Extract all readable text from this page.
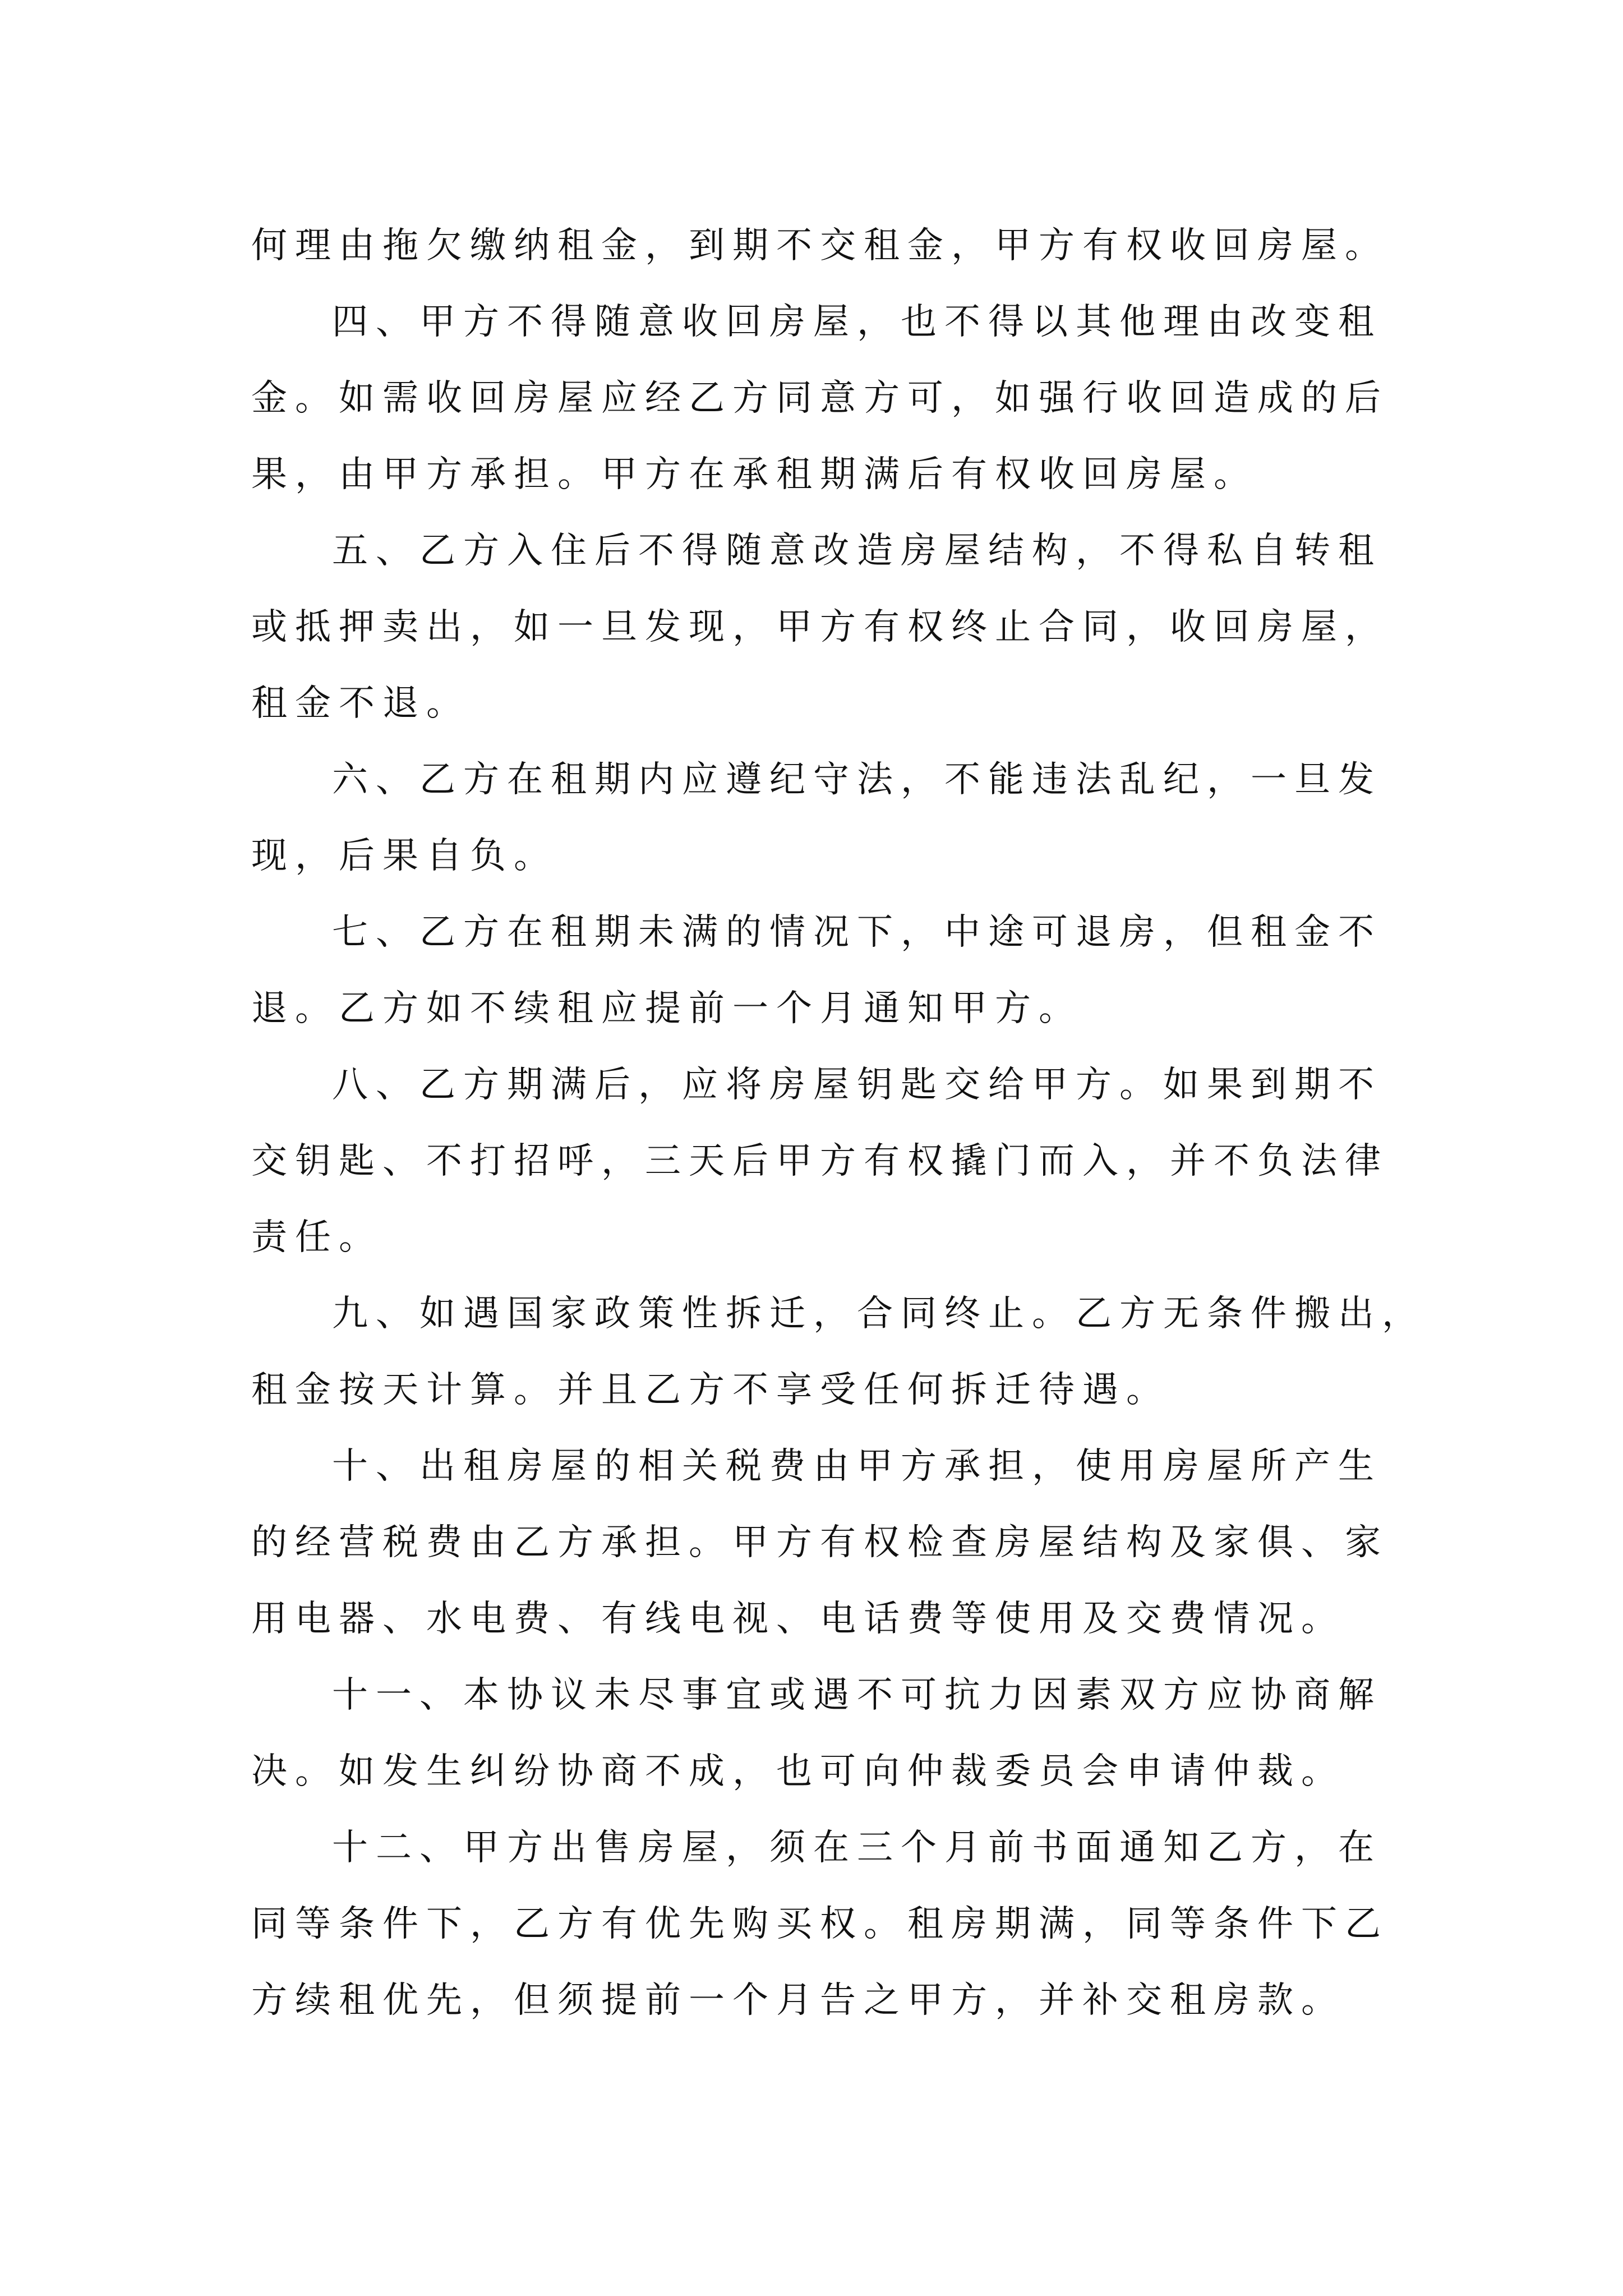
何理由拖欠缴纳租金，到期不交租金，甲方有权收回房屋。
四、甲方不得随意收回房屋，也不得以其他理由改变租
金。如需收回房屋应经乙方同意方可，如强行收回造成的后
果，由甲方承担。甲方在承租期满后有权收回房屋。
五、乙方入住后不得随意改造房屋结构，不得私自转租
或抵押卖出，如一旦发现，甲方有权终止合同，收回房屋，
租金不退。
六、乙方在租期内应遵纪守法，不能违法乱纪，一旦发
现，后果自负。
七、乙方在租期未满的情况下，中途可退房，但租金不
退。乙方如不续租应提前一个月通知甲方。
八、乙方期满后，应将房屋钥匙交给甲方。如果到期不
交钥匙、不打招呼，三天后甲方有权撬门而入，并不负法律
责任。
九、如遇国家政策性拆迁，合同终止。乙方无条件搬出，
租金按天计算。并且乙方不享受任何拆迁待遇。
十、出租房屋的相关税费由甲方承担，使用房屋所产生
的经营税费由乙方承担。甲方有权检查房屋结构及家俱、家
用电器、水电费、有线电视、电话费等使用及交费情况。
十一、本协议未尽事宜或遇不可抗力因素双方应协商解
决。如发生纠纷协商不成，也可向仲裁委员会申请仲裁。
十二、甲方出售房屋，须在三个月前书面通知乙方，在
同等条件下，乙方有优先购买权。租房期满，同等条件下乙
方续租优先，但须提前一个月告之甲方，并补交租房款。
